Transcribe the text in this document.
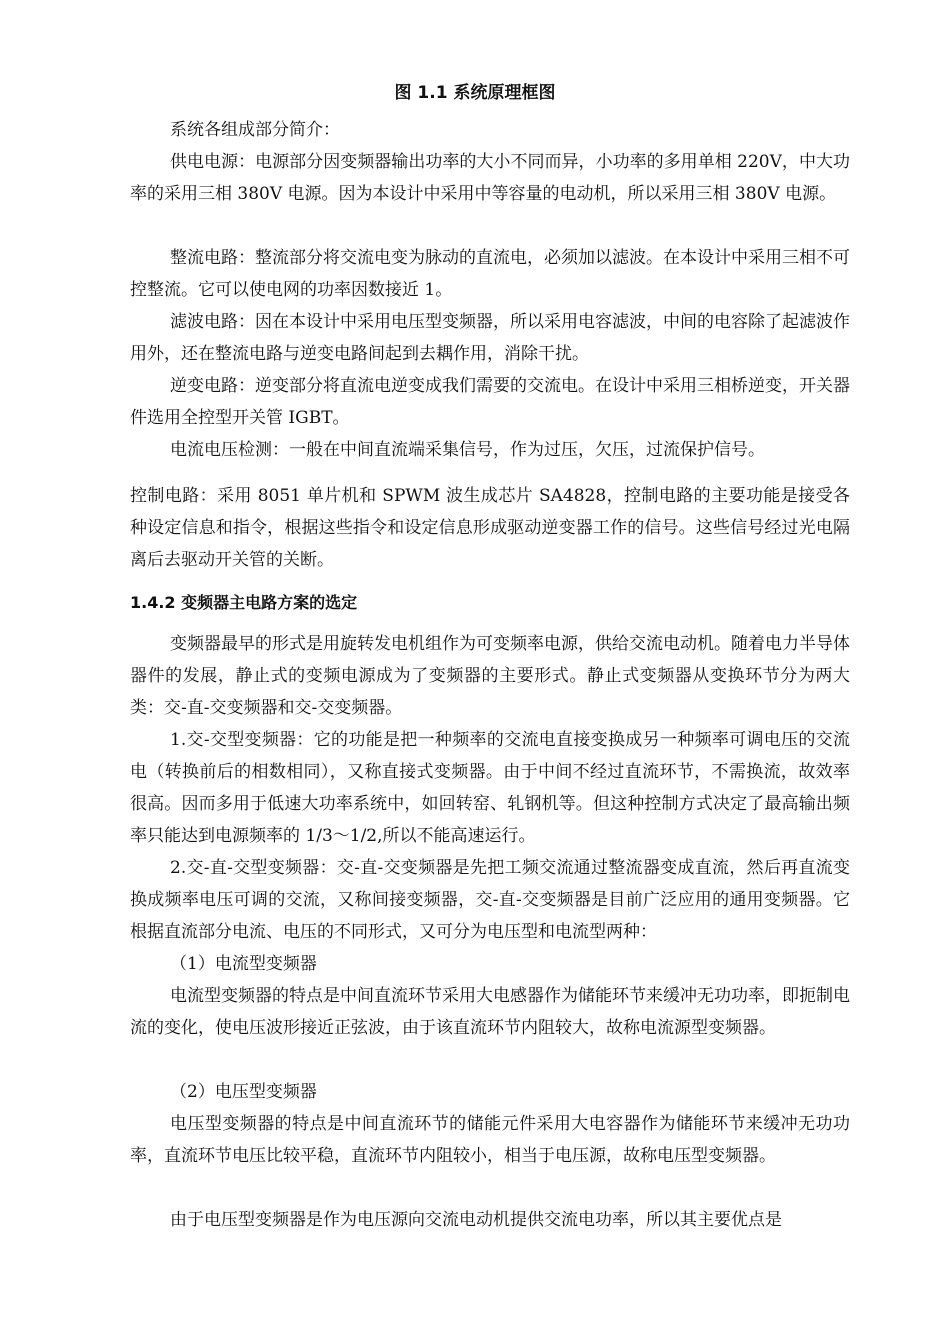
图 1.1 系统原理框图

系统各组成部分简介：

供电电源：电源部分因变频器输出功率的大小不同而异，小功率的多用单相 220V，中大功率的采用三相 380V 电源。因为本设计中采用中等容量的电动机，所以采用三相 380V 电源。

整流电路：整流部分将交流电变为脉动的直流电，必须加以滤波。在本设计中采用三相不可控整流。它可以使电网的功率因数接近 1。

滤波电路：因在本设计中采用电压型变频器，所以采用电容滤波，中间的电容除了起滤波作用外，还在整流电路与逆变电路间起到去耦作用，消除干扰。

逆变电路：逆变部分将直流电逆变成我们需要的交流电。在设计中采用三相桥逆变，开关器件选用全控型开关管 IGBT。

电流电压检测：一般在中间直流端采集信号，作为过压，欠压，过流保护信号。

控制电路：采用 8051 单片机和 SPWM 波生成芯片 SA4828，控制电路的主要功能是接受各种设定信息和指令，根据这些指令和设定信息形成驱动逆变器工作的信号。这些信号经过光电隔离后去驱动开关管的关断。

1.4.2 变频器主电路方案的选定

变频器最早的形式是用旋转发电机组作为可变频率电源，供给交流电动机。随着电力半导体器件的发展，静止式的变频电源成为了变频器的主要形式。静止式变频器从变换环节分为两大类：交-直-交变频器和交-交变频器。

1.交-交型变频器：它的功能是把一种频率的交流电直接变换成另一种频率可调电压的交流电（转换前后的相数相同），又称直接式变频器。由于中间不经过直流环节，不需换流，故效率很高。因而多用于低速大功率系统中，如回转窑、轧钢机等。但这种控制方式决定了最高输出频率只能达到电源频率的 1/3～1/2,所以不能高速运行。

2.交-直-交型变频器：交-直-交变频器是先把工频交流通过整流器变成直流，然后再直流变换成频率电压可调的交流，又称间接变频器，交-直-交变频器是目前广泛应用的通用变频器。它根据直流部分电流、电压的不同形式，又可分为电压型和电流型两种：

（1）电流型变频器

电流型变频器的特点是中间直流环节采用大电感器作为储能环节来缓冲无功功率，即扼制电流的变化，使电压波形接近正弦波，由于该直流环节内阻较大，故称电流源型变频器。

（2）电压型变频器

电压型变频器的特点是中间直流环节的储能元件采用大电容器作为储能环节来缓冲无功功率，直流环节电压比较平稳，直流环节内阻较小，相当于电压源，故称电压型变频器。

由于电压型变频器是作为电压源向交流电动机提供交流电功率，所以其主要优点是
